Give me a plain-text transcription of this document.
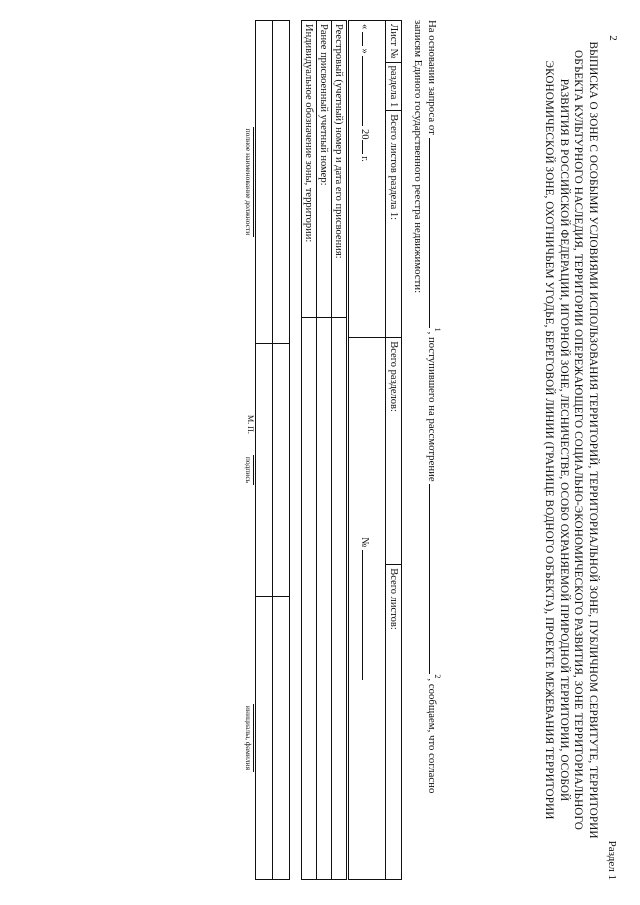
2
Раздел 1
ВЫПИСКА О ЗОНЕ С ОСОБЫМИ УСЛОВИЯМИ ИСПОЛЬЗОВАНИЯ ТЕРРИТОРИЙ, ТЕРРИТОРИАЛЬНОЙ ЗОНЕ, ПУБЛИЧНОМ СЕРВИТУТЕ, ТЕРРИТОРИИ ОБЪЕКТА КУЛЬТУРНОГО НАСЛЕДИЯ, ТЕРРИТОРИИ ОПЕРЕЖАЮЩЕГО СОЦИАЛЬНО-ЭКОНОМИЧЕСКОГО РАЗВИТИЯ, ЗОНЕ ТЕРРИТОРИАЛЬНОГО РАЗВИТИЯ В РОССИЙСКОЙ ФЕДЕРАЦИИ, ИГОРНОЙ ЗОНЕ, ЛЕСНИЧЕСТВЕ, ОСОБО ОХРАНЯЕМОЙ ПРИРОДНОЙ ТЕРРИТОРИИ, ОСОБОЙ ЭКОНОМИЧЕСКОЙ ЗОНЕ, ОХОТНИЧЬЕМ УГОДЬЕ, БЕРЕГОВОЙ ЛИНИИ (ГРАНИЦЕ ВОДНОГО ОБЪЕКТА), ПРОЕКТЕ МЕЖЕВАНИЯ ТЕРРИТОРИИ
На основании запроса от $^1$, поступившего на рассмотрение $^2$, сообщаем, что согласно
записям Единого государственного реестра недвижимости:
Лист №	раздела 1	Всего листов раздела 1:	Всего разделов:	Всего листов:
«  »  20 г.			№	
Реестровый (учетный) номер и дата его присвоения:	
Ранее присвоенный учетный номер:	
Индивидуальное обозначение зоны, территории:	

полное наименование должности	подпись	инициалы, фамилия
М. П.
